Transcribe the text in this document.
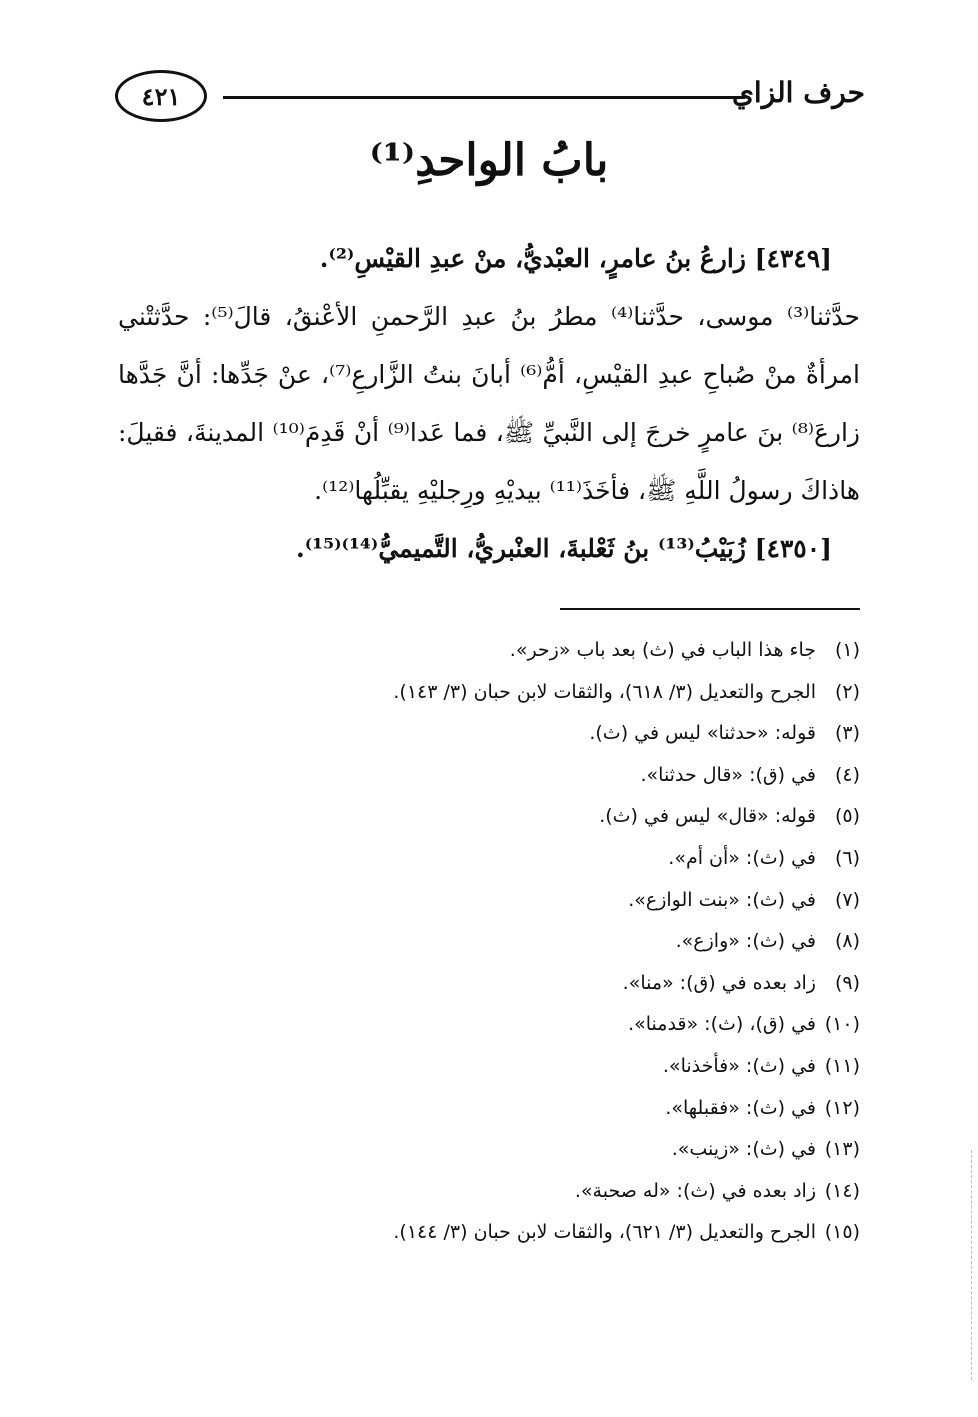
حرف الزاي
٤٢١
بابُ الواحدِ⁽¹⁾
[٤٣٤٩] زارعُ بنُ عامرٍ، العبْديُّ، منْ عبدِ القيْسِ⁽²⁾.
حدَّثنا⁽³⁾ موسى، حدَّثنا⁽⁴⁾ مطرُ بنُ عبدِ الرَّحمنِ الأعْنقُ، قالَ⁽⁵⁾: حدَّثتْني
امرأةٌ منْ صُباحِ عبدِ القيْسِ، أمُّ⁽⁶⁾ أبانَ بنتُ الزَّارعِ⁽⁷⁾، عنْ جَدِّها: أنَّ جَدَّها
زارعَ⁽⁸⁾ بنَ عامرٍ خرجَ إلى النَّبيِّ ﷺ، فما عَدا⁽⁹⁾ أنْ قَدِمَ⁽¹⁰⁾ المدينةَ، فقيلَ:
هاذاكَ رسولُ اللَّهِ ﷺ، فأخَذَ⁽¹¹⁾ بيديْهِ ورِجليْهِ يقبِّلُها⁽¹²⁾.
[٤٣٥٠] زُبَيْبُ⁽¹³⁾ بنُ ثَعْلبةَ، العنْبريُّ، التَّميميُّ⁽¹⁴⁾⁽¹⁵⁾.
(١)جاء هذا الباب في (ث) بعد باب «زحر».
(٢)الجرح والتعديل (٣/ ٦١٨)، والثقات لابن حبان (٣/ ١٤٣).
(٣)قوله: «حدثنا» ليس في (ث).
(٤)في (ق): «قال حدثنا».
(٥)قوله: «قال» ليس في (ث).
(٦)في (ث): «أن أم».
(٧)في (ث): «بنت الوازع».
(٨)في (ث): «وازع».
(٩)زاد بعده في (ق): «منا».
(١٠)في (ق)، (ث): «قدمنا».
(١١)في (ث): «فأخذنا».
(١٢)في (ث): «فقبلها».
(١٣)في (ث): «زينب».
(١٤)زاد بعده في (ث): «له صحبة».
(١٥)الجرح والتعديل (٣/ ٦٢١)، والثقات لابن حبان (٣/ ١٤٤).
